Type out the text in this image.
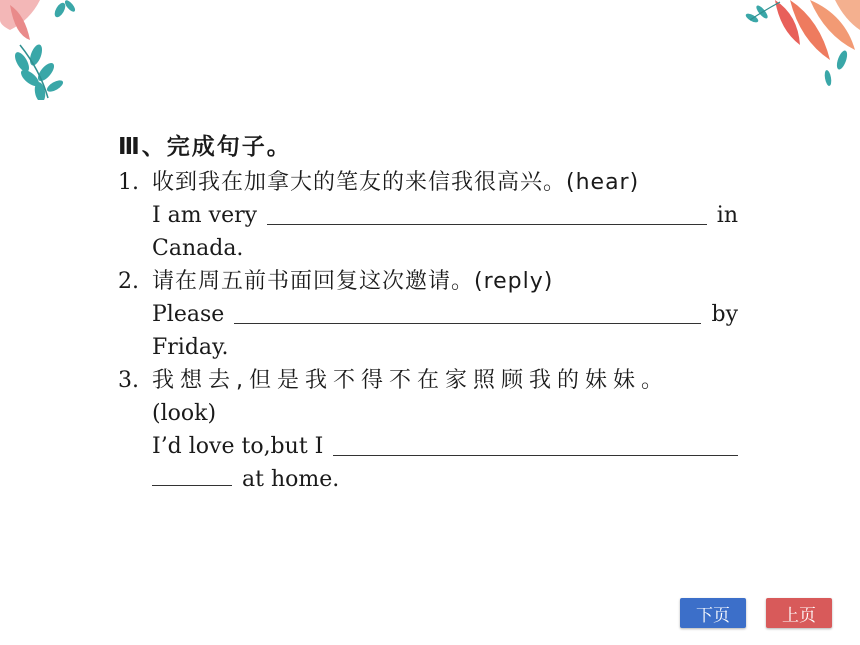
Ⅲ、完成句子。
1. 收到我在加拿大的笔友的来信我很高兴。(hear)
I am very	in
Canada.
2. 请在周五前书面回复这次邀请。(reply)
Please	by
Friday.
3. 我想去,但是我不得不在家照顾我的妹妹。
(look)
I’d love to,but I
at home.
下页	上页
